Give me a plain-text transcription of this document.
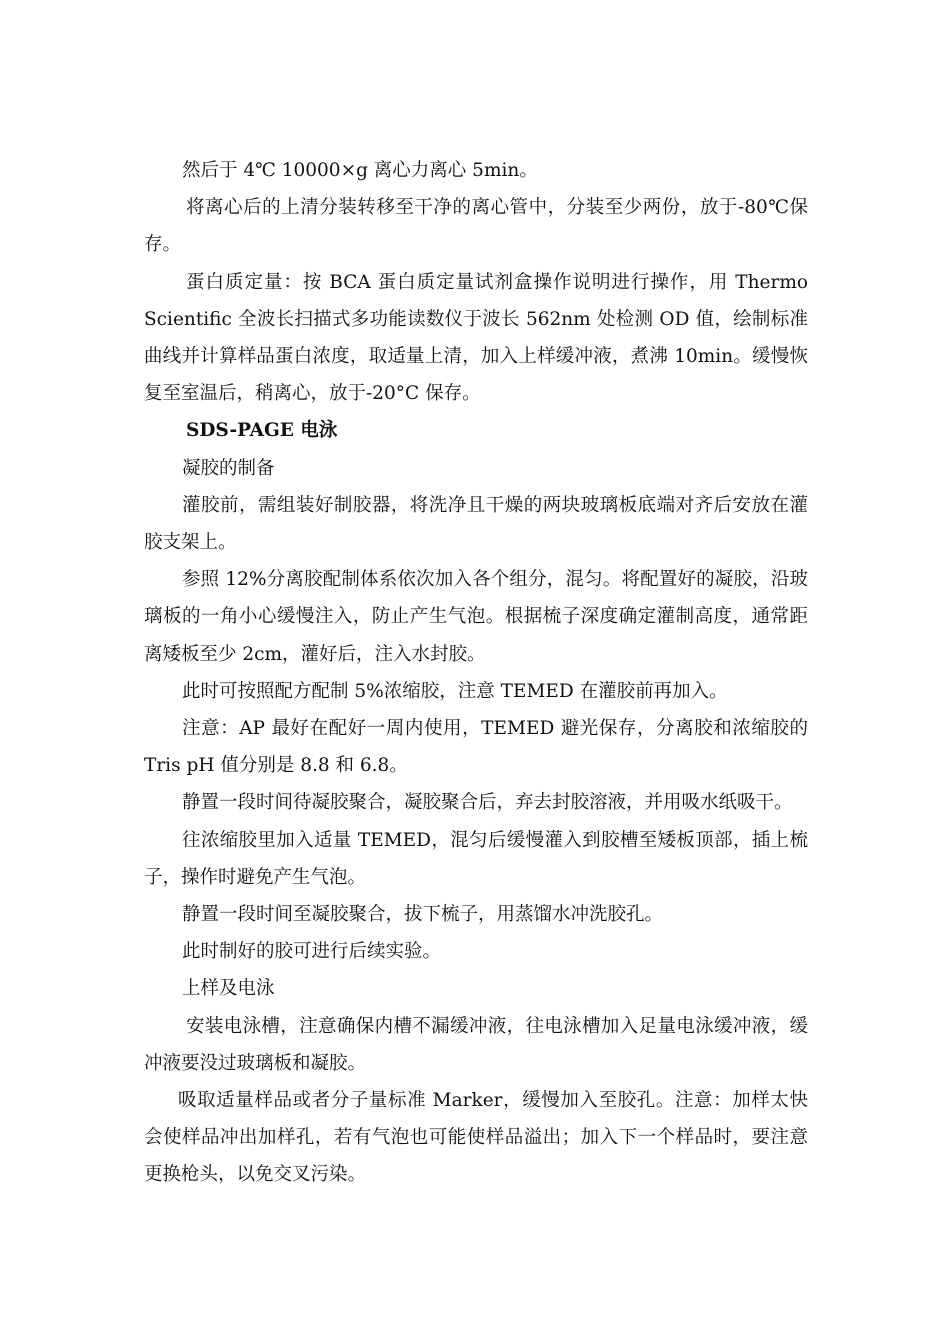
然后于 4℃ 10000×g 离心力离心 5min。

将离心后的上清分装转移至干净的离心管中，分装至少两份，放于-80℃保存。

蛋白质定量：按 BCA 蛋白质定量试剂盒操作说明进行操作，用 Thermo Scientific 全波长扫描式多功能读数仪于波长 562nm 处检测 OD 值，绘制标准曲线并计算样品蛋白浓度，取适量上清，加入上样缓冲液，煮沸 10min。缓慢恢复至室温后，稍离心，放于-20°C 保存。

SDS-PAGE 电泳

凝胶的制备

灌胶前，需组装好制胶器，将洗净且干燥的两块玻璃板底端对齐后安放在灌胶支架上。

参照 12%分离胶配制体系依次加入各个组分，混匀。将配置好的凝胶，沿玻璃板的一角小心缓慢注入，防止产生气泡。根据梳子深度确定灌制高度，通常距离矮板至少 2cm，灌好后，注入水封胶。

此时可按照配方配制 5%浓缩胶，注意 TEMED 在灌胶前再加入。

注意：AP 最好在配好一周内使用，TEMED 避光保存，分离胶和浓缩胶的 Tris pH 值分别是 8.8 和 6.8。

静置一段时间待凝胶聚合，凝胶聚合后，弃去封胶溶液，并用吸水纸吸干。

往浓缩胶里加入适量 TEMED，混匀后缓慢灌入到胶槽至矮板顶部，插上梳子，操作时避免产生气泡。

静置一段时间至凝胶聚合，拔下梳子，用蒸馏水冲洗胶孔。

此时制好的胶可进行后续实验。

上样及电泳

安装电泳槽，注意确保内槽不漏缓冲液，往电泳槽加入足量电泳缓冲液，缓冲液要没过玻璃板和凝胶。

吸取适量样品或者分子量标准 Marker，缓慢加入至胶孔。注意：加样太快会使样品冲出加样孔，若有气泡也可能使样品溢出；加入下一个样品时，要注意更换枪头，以免交叉污染。
